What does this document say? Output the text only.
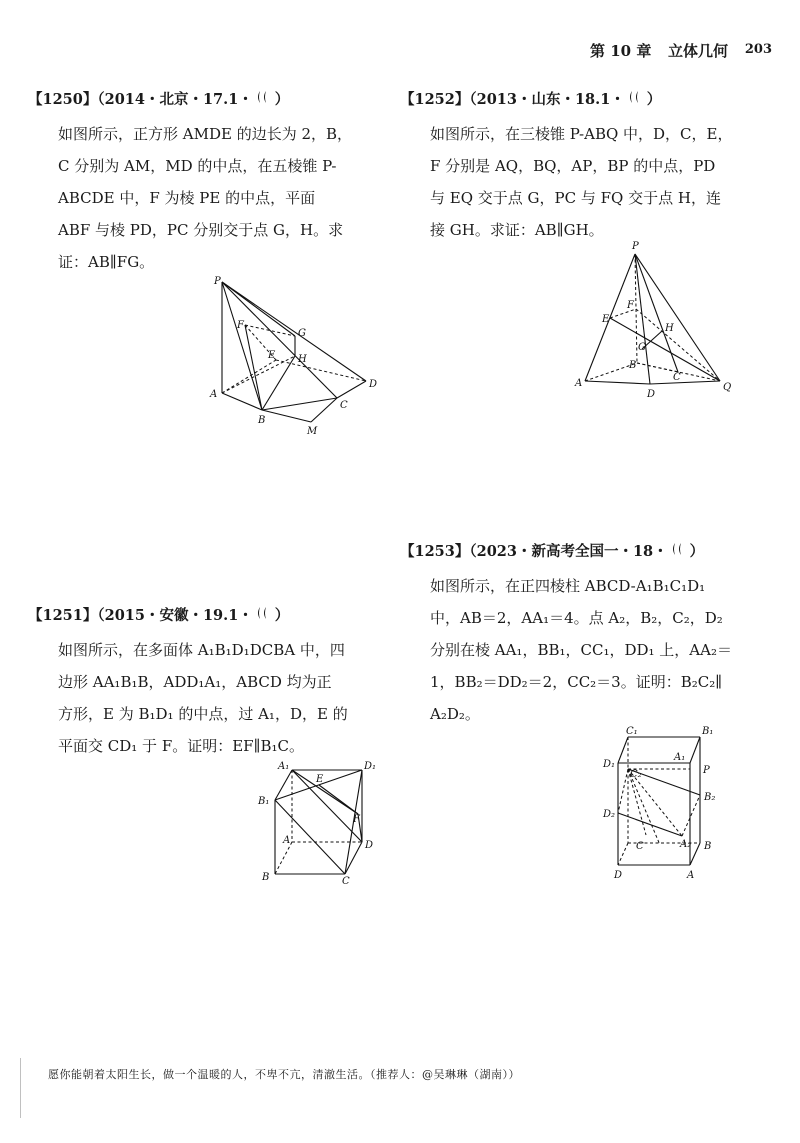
第 10 章 立体几何 203
【1250】（2014・北京・17.1・ ）
如图所示，正方形 AMDE 的边长为 2，B，
C 分别为 AM，MD 的中点，在五棱锥 P-
ABCDE 中，F 为棱 PE 的中点，平面
ABF 与棱 PD，PC 分别交于点 G，H。求
证：AB∥FG。
P
F
G
E H
A
B
C
D
M
【1252】（2013・山东・18.1・ ）
如图所示，在三棱锥 P-ABQ 中，D，C，E，
F 分别是 AQ，BQ，AP，BP 的中点，PD
与 EQ 交于点 G，PC 与 FQ 交于点 H，连
接 GH。求证：AB∥GH。
P
F
E
H
G
B
C
A
D
Q
【1253】（2023・新高考全国一・18・ ）
如图所示，在正四棱柱 ABCD-A₁B₁C₁D₁
中，AB＝2，AA₁＝4。点 A₂，B₂，C₂，D₂
分别在棱 AA₁，BB₁，CC₁，DD₁ 上，AA₂＝
1，BB₂＝DD₂＝2，CC₂＝3。证明：B₂C₂∥
A₂D₂。
C₁	B₁
A₁
D₁
C₂	P
B₂
D₂
C	A₂ B
D	A
【1251】（2015・安徽・19.1・ ）
如图所示，在多面体 A₁B₁D₁DCBA 中，四
边形 AA₁B₁B，ADD₁A₁，ABCD 均为正
方形，E 为 B₁D₁ 的中点，过 A₁，D，E 的
平面交 CD₁ 于 F。证明：EF∥B₁C。
A₁
E
D₁
B₁
F
A	D
B	C
愿你能朝着太阳生长，做一个温暖的人，不卑不亢，清澈生活。（推荐人：@吴琳琳（湖南））
